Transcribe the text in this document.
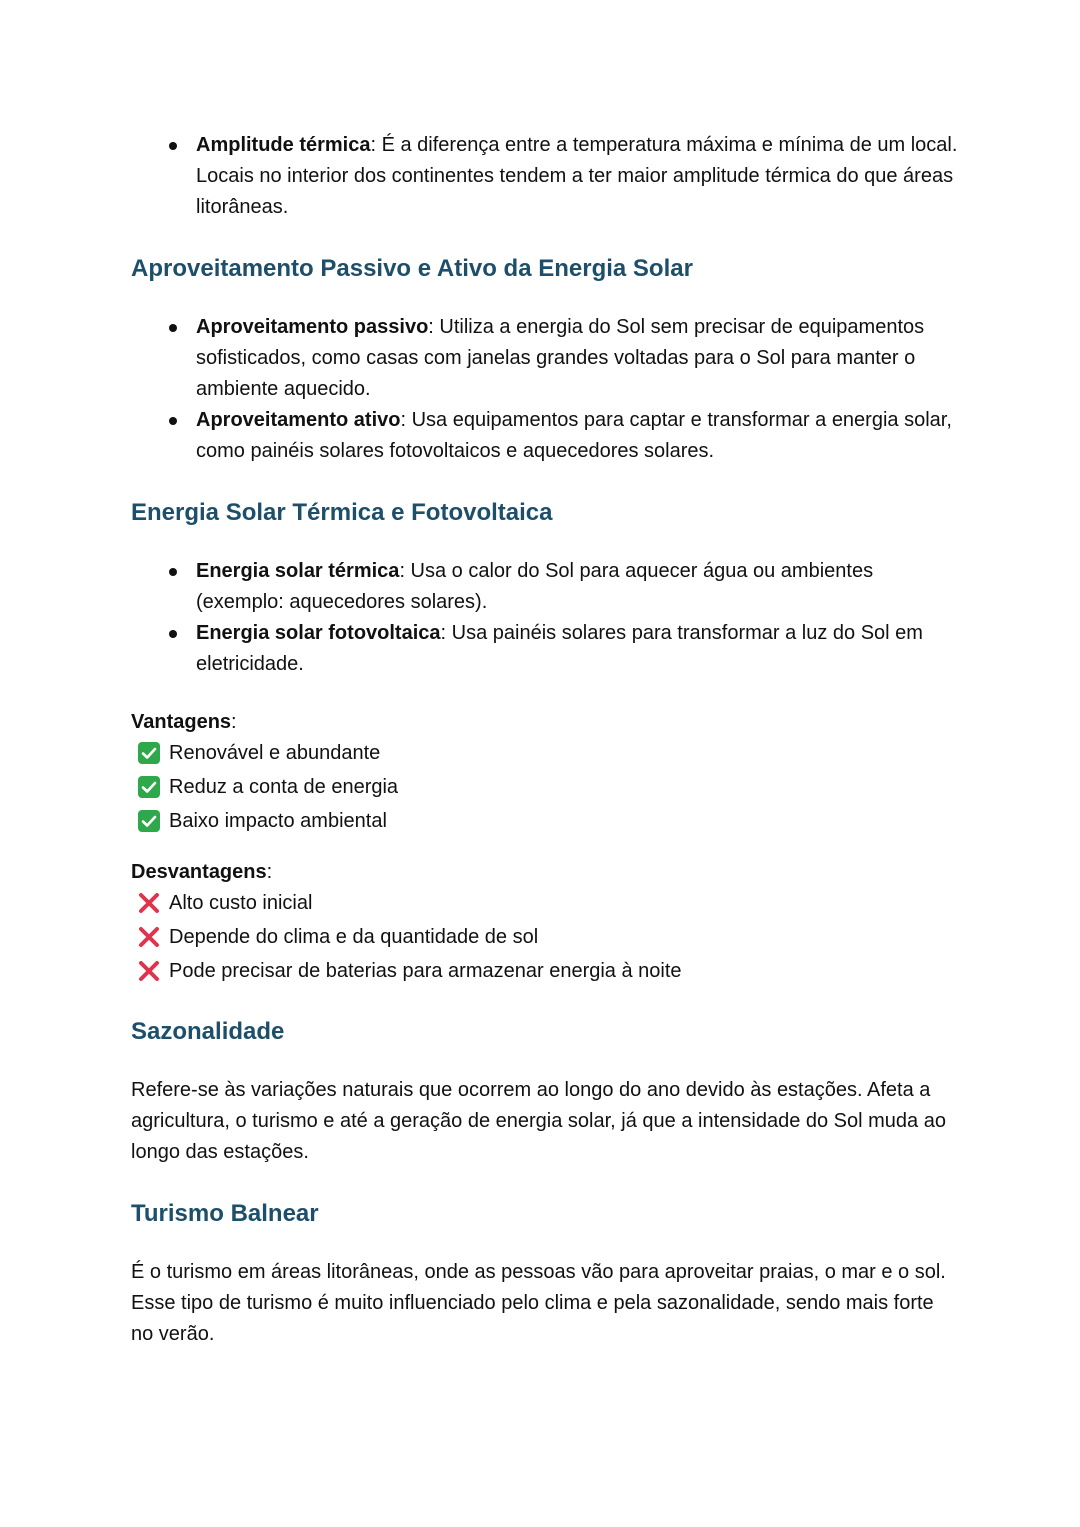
Amplitude térmica: É a diferença entre a temperatura máxima e mínima de um local. Locais no interior dos continentes tendem a ter maior amplitude térmica do que áreas litorâneas.
Aproveitamento Passivo e Ativo da Energia Solar
Aproveitamento passivo: Utiliza a energia do Sol sem precisar de equipamentos sofisticados, como casas com janelas grandes voltadas para o Sol para manter o ambiente aquecido.
Aproveitamento ativo: Usa equipamentos para captar e transformar a energia solar, como painéis solares fotovoltaicos e aquecedores solares.
Energia Solar Térmica e Fotovoltaica
Energia solar térmica: Usa o calor do Sol para aquecer água ou ambientes (exemplo: aquecedores solares).
Energia solar fotovoltaica: Usa painéis solares para transformar a luz do Sol em eletricidade.

Vantagens:

Renovável e abundante
Reduz a conta de energia
Baixo impacto ambiental

Desvantagens:

Alto custo inicial
Depende do clima e da quantidade de sol
Pode precisar de baterias para armazenar energia à noite
Sazonalidade

Refere-se às variações naturais que ocorrem ao longo do ano devido às estações. Afeta a agricultura, o turismo e até a geração de energia solar, já que a intensidade do Sol muda ao longo das estações.

Turismo Balnear

É o turismo em áreas litorâneas, onde as pessoas vão para aproveitar praias, o mar e o sol. Esse tipo de turismo é muito influenciado pelo clima e pela sazonalidade, sendo mais forte no verão.
